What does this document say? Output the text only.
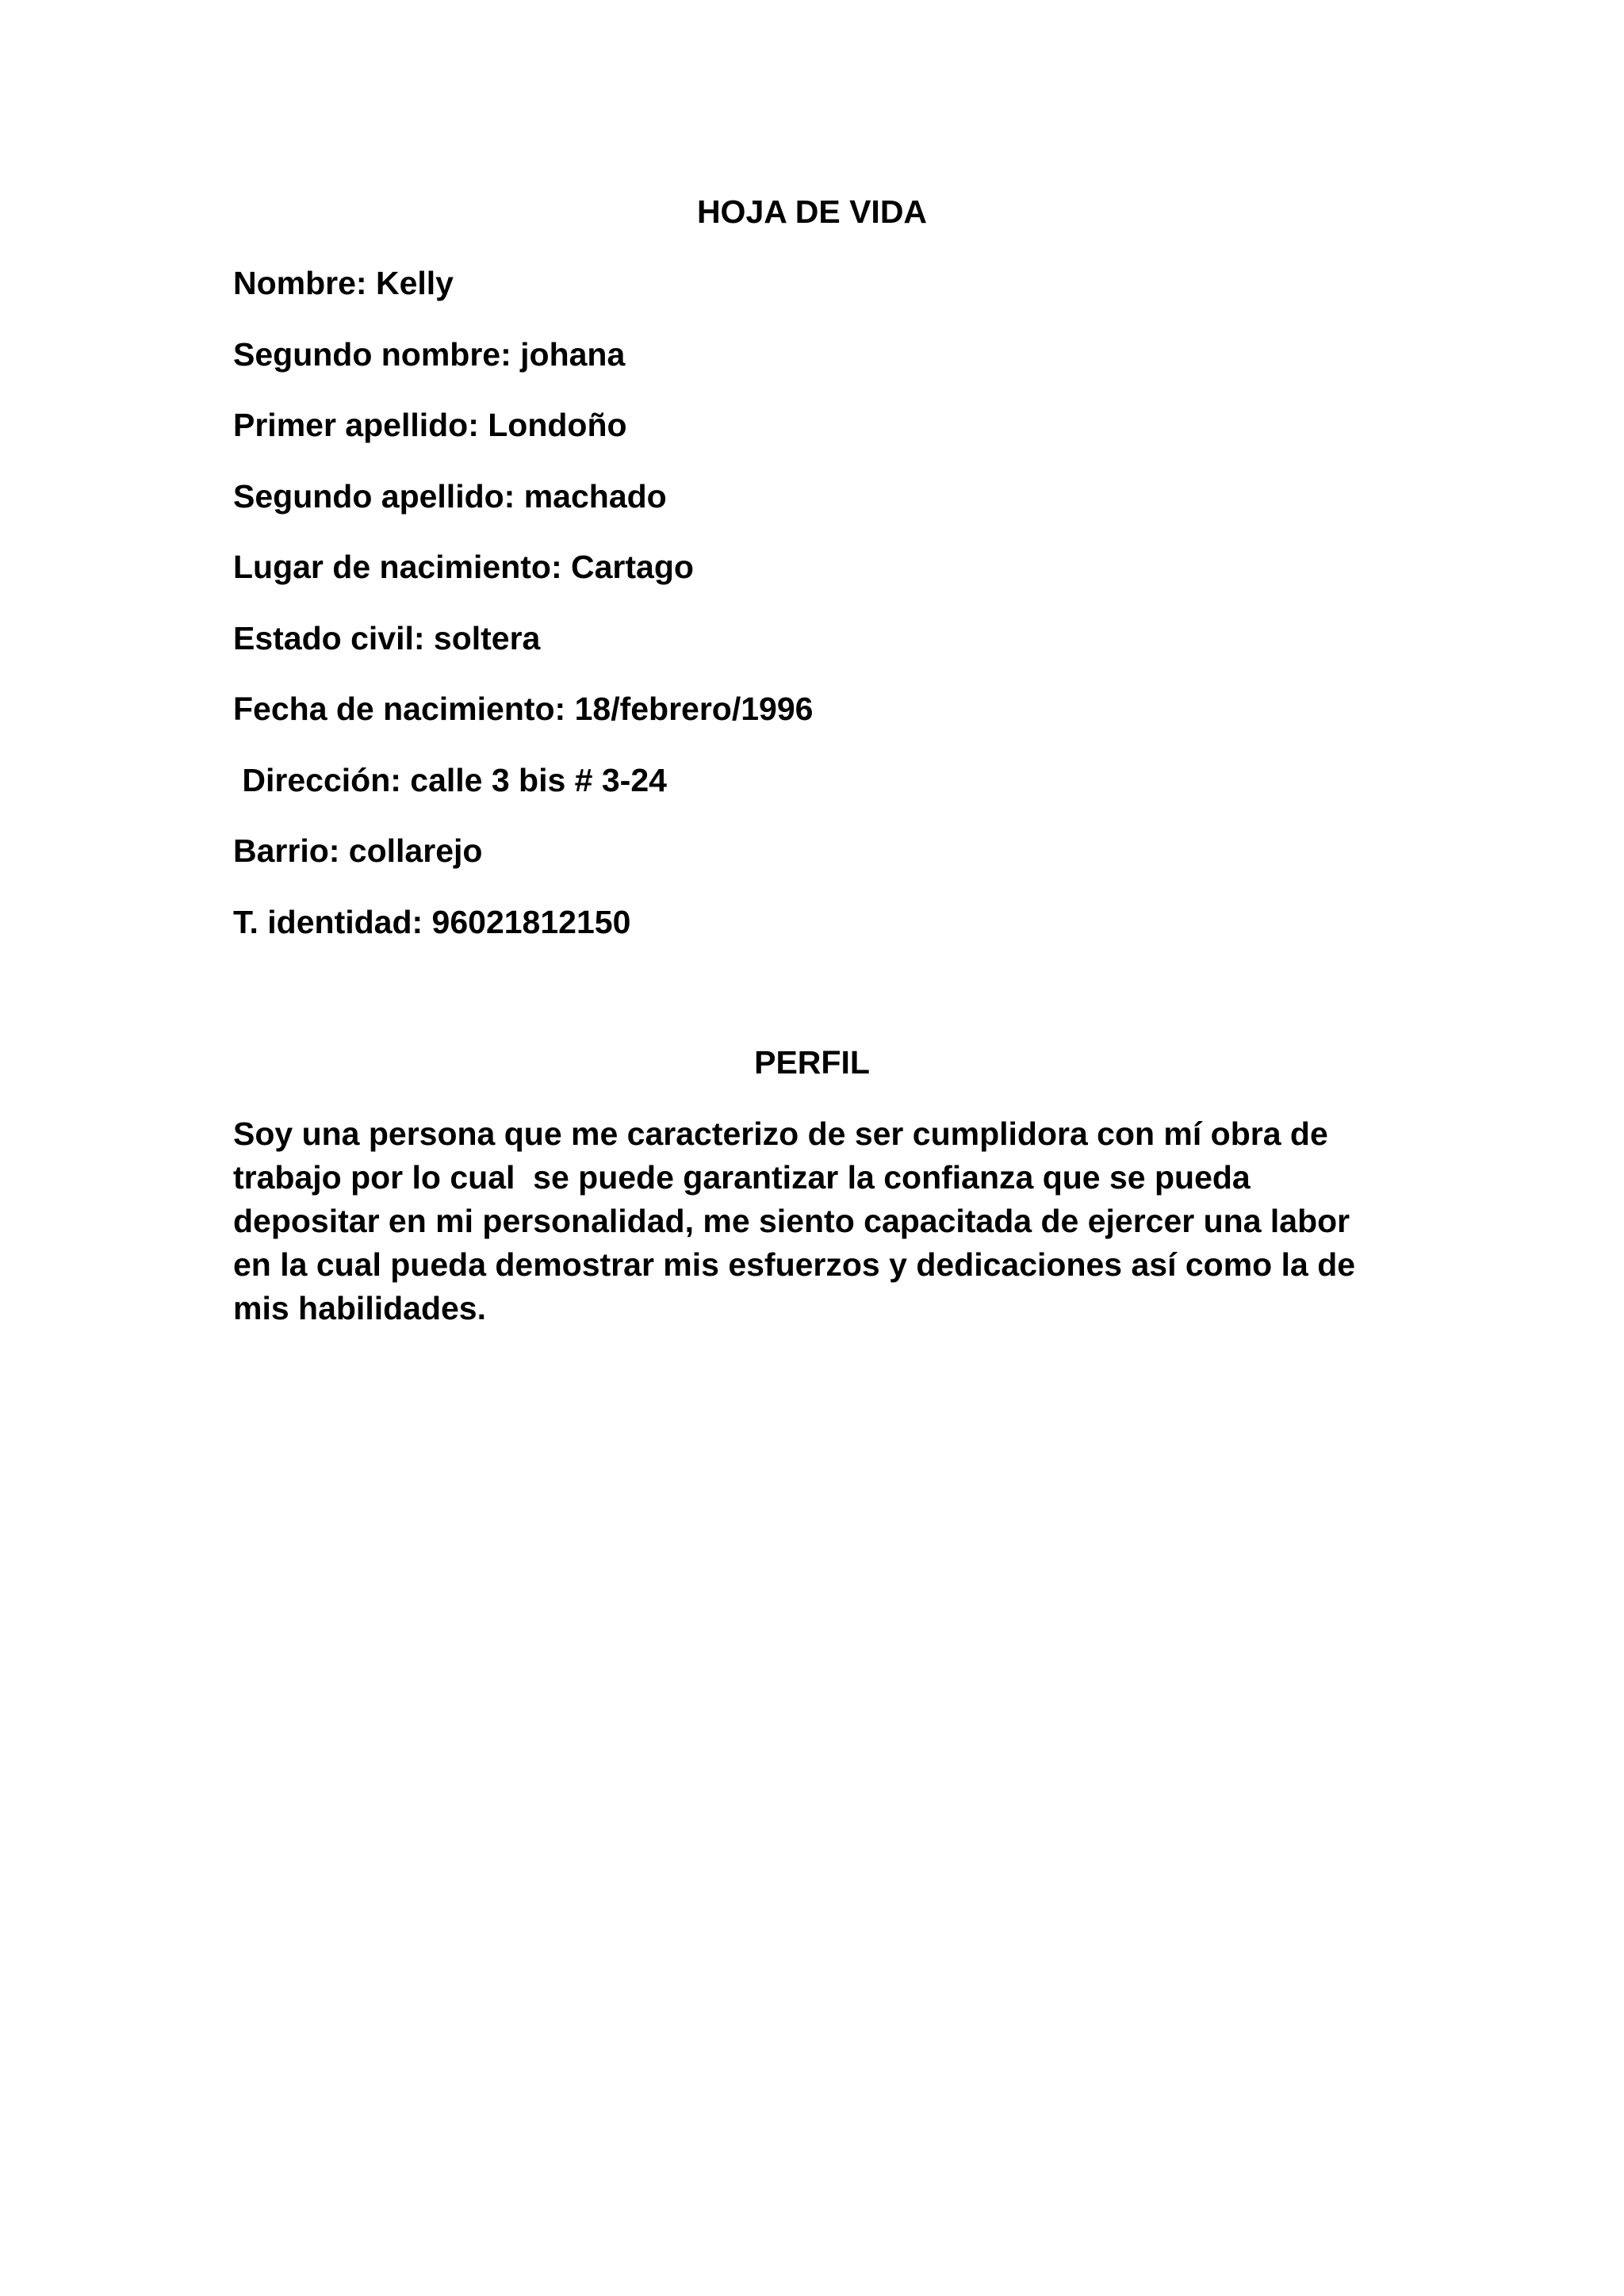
HOJA DE VIDA

Nombre: Kelly

Segundo nombre: johana

Primer apellido: Londoño

Segundo apellido: machado

Lugar de nacimiento: Cartago

Estado civil: soltera

Fecha de nacimiento: 18/febrero/1996

Dirección: calle 3 bis # 3-24

Barrio: collarejo

T. identidad: 96021812150

PERFIL

Soy una persona que me caracterizo de ser cumplidora con mí obra de
trabajo por lo cual  se puede garantizar la confianza que se pueda
depositar en mi personalidad, me siento capacitada de ejercer una labor
en la cual pueda demostrar mis esfuerzos y dedicaciones así como la de
mis habilidades.
